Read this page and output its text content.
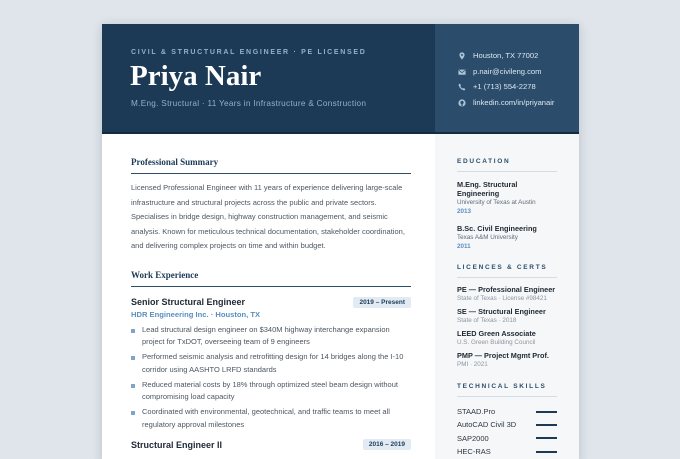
CIVIL & STRUCTURAL ENGINEER · PE LICENSED
Priya Nair
M.Eng. Structural · 11 Years in Infrastructure & Construction
Houston, TX 77002
p.nair@civileng.com
+1 (713) 554-2278
linkedin.com/in/priyanair
Professional Summary

Licensed Professional Engineer with 11 years of experience delivering large-scale infrastructure and structural projects across the public and private sectors. Specialises in bridge design, highway construction management, and seismic analysis. Known for meticulous technical documentation, stakeholder coordination, and delivering complex projects on time and within budget.

Work Experience
Senior Structural Engineer	2019 – Present
HDR Engineering Inc. · Houston, TX
Lead structural design engineer on $340M highway interchange expansion project for TxDOT, overseeing team of 9 engineers
Performed seismic analysis and retrofitting design for 14 bridges along the I-10 corridor using AASHTO LRFD standards
Reduced material costs by 18% through optimized steel beam design without compromising load capacity
Coordinated with environmental, geotechnical, and traffic teams to meet all regulatory approval milestones
Structural Engineer II	2016 – 2019
EDUCATION
M.Eng. Structural Engineering
University of Texas at Austin
2013
B.Sc. Civil Engineering
Texas A&M University
2011
LICENCES & CERTS
PE — Professional Engineer
State of Texas · License #98421
SE — Structural Engineer
State of Texas · 2018
LEED Green Associate
U.S. Green Building Council
PMP — Project Mgmt Prof.
PMI · 2021
TECHNICAL SKILLS
STAAD.Pro
AutoCAD Civil 3D
SAP2000
HEC-RAS
